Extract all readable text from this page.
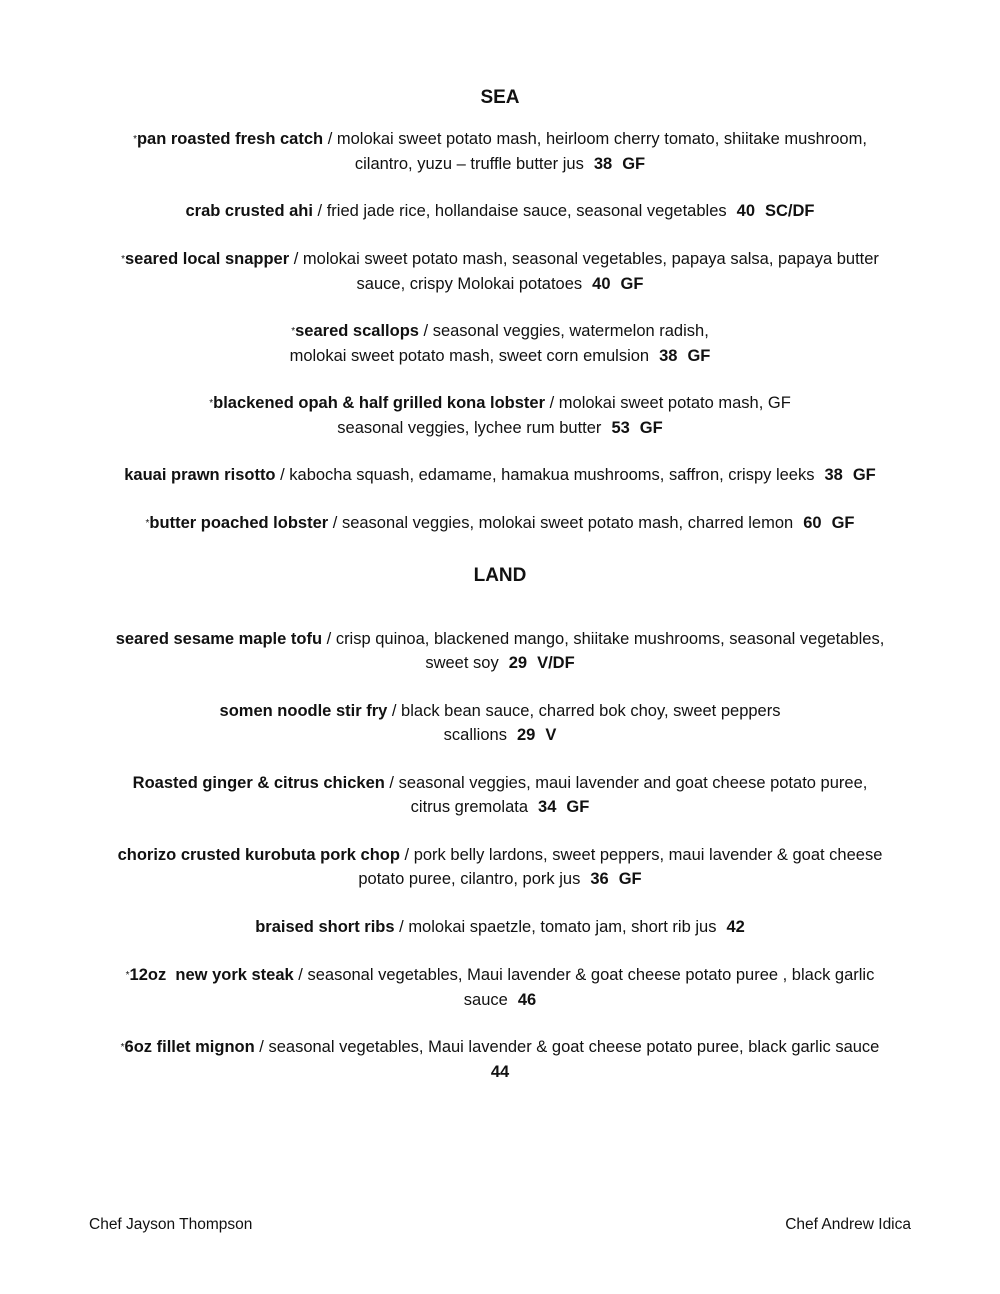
SEA
*pan roasted fresh catch / molokai sweet potato mash, heirloom cherry tomato, shiitake mushroom,
cilantro, yuzu – truffle butter jus 38 GF
crab crusted ahi / fried jade rice, hollandaise sauce, seasonal vegetables 40 SC/DF
*seared local snapper / molokai sweet potato mash, seasonal vegetables, papaya salsa, papaya butter
sauce, crispy Molokai potatoes 40 GF
*seared scallops / seasonal veggies, watermelon radish,
molokai sweet potato mash, sweet corn emulsion 38 GF
*blackened opah & half grilled kona lobster / molokai sweet potato mash, GF
seasonal veggies, lychee rum butter 53 GF
kauai prawn risotto / kabocha squash, edamame, hamakua mushrooms, saffron, crispy leeks 38 GF
*butter poached lobster / seasonal veggies, molokai sweet potato mash, charred lemon 60 GF
LAND
seared sesame maple tofu / crisp quinoa, blackened mango, shiitake mushrooms, seasonal vegetables,
sweet soy 29 V/DF
somen noodle stir fry / black bean sauce, charred bok choy, sweet peppers
scallions 29 V
Roasted ginger & citrus chicken / seasonal veggies, maui lavender and goat cheese potato puree,
citrus gremolata 34 GF
chorizo crusted kurobuta pork chop / pork belly lardons, sweet peppers, maui lavender & goat cheese
potato puree, cilantro, pork jus 36 GF
braised short ribs / molokai spaetzle, tomato jam, short rib jus 42
*12oz  new york steak / seasonal vegetables, Maui lavender & goat cheese potato puree , black garlic
sauce 46
*6oz fillet mignon / seasonal vegetables, Maui lavender & goat cheese potato puree, black garlic sauce
44
Chef Jayson Thompson	Chef Andrew Idica
